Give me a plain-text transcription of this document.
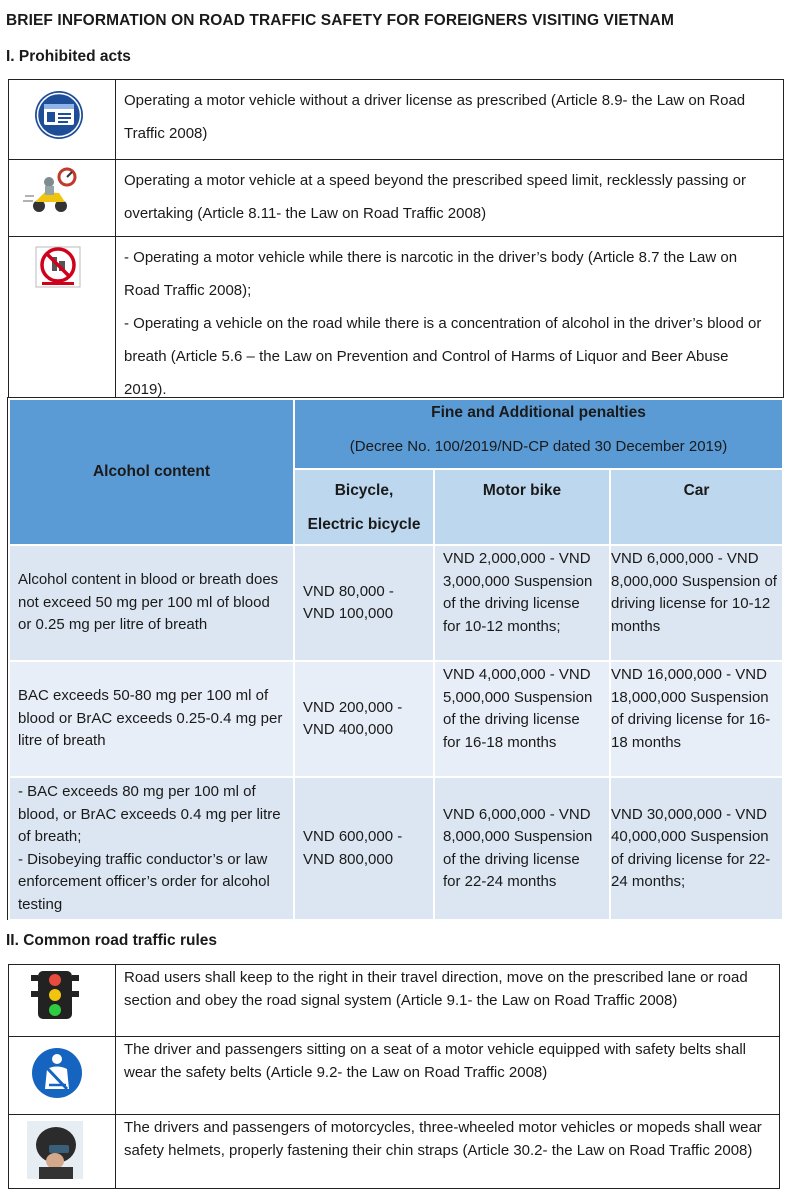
BRIEF INFORMATION ON ROAD TRAFFIC SAFETY FOR FOREIGNERS VISITING VIETNAM
I. Prohibited acts
	Operating a motor vehicle without a driver license as prescribed (Article 8.9- the Law on Road Traffic 2008)
	Operating a motor vehicle at a speed beyond the prescribed speed limit, recklessly passing or overtaking (Article 8.11- the Law on Road Traffic 2008)

- Operating a motor vehicle while there is narcotic in the driver’s body (Article 8.7 the Law on Road Traffic 2008);
- Operating a vehicle on the road while there is a concentration of alcohol in the driver’s blood or breath (Article 5.6 – the Law on Prevention and Control of Harms of Liquor and Beer Abuse 2019).
Alcohol content	Fine and Additional penalties
(Decree No. 100/2019/ND-CP dated 30 December 2019)		

	Bicycle,
Electric bicycle	Motor bike	Car
Alcohol content in blood or breath does not exceed 50 mg per 100 ml of blood or 0.25 mg per litre of breath	VND 80,000 - VND 100,000	VND 2,000,000 - VND 3,000,000 Suspension of the driving license for 10-12 months;	VND 6,000,000 - VND 8,000,000 Suspension of driving license for 10-12 months
BAC exceeds 50-80 mg per 100 ml of blood or BrAC exceeds 0.25-0.4 mg per litre of breath	VND 200,000 - VND 400,000	VND 4,000,000 - VND 5,000,000 Suspension of the driving license for 16-18 months	VND 16,000,000 - VND 18,000,000 Suspension of driving license for 16-18 months

- BAC exceeds 80 mg per 100 ml of blood, or BrAC exceeds 0.4 mg per litre of breath;
- Disobeying traffic conductor’s or law enforcement officer’s order for alcohol testing	VND 600,000 - VND 800,000	VND 6,000,000 - VND 8,000,000 Suspension of the driving license for 22-24 months	VND 30,000,000 - VND 40,000,000 Suspension of driving license for 22-24 months;
II. Common road traffic rules
	Road users shall keep to the right in their travel direction, move on the prescribed lane or road section and obey the road signal system (Article 9.1- the Law on Road Traffic 2008)
	The driver and passengers sitting on a seat of a motor vehicle equipped with safety belts shall wear the safety belts (Article 9.2- the Law on Road Traffic 2008)
	The drivers and passengers of motorcycles, three-wheeled motor vehicles or mopeds shall wear safety helmets, properly fastening their chin straps (Article 30.2- the Law on Road Traffic 2008)
